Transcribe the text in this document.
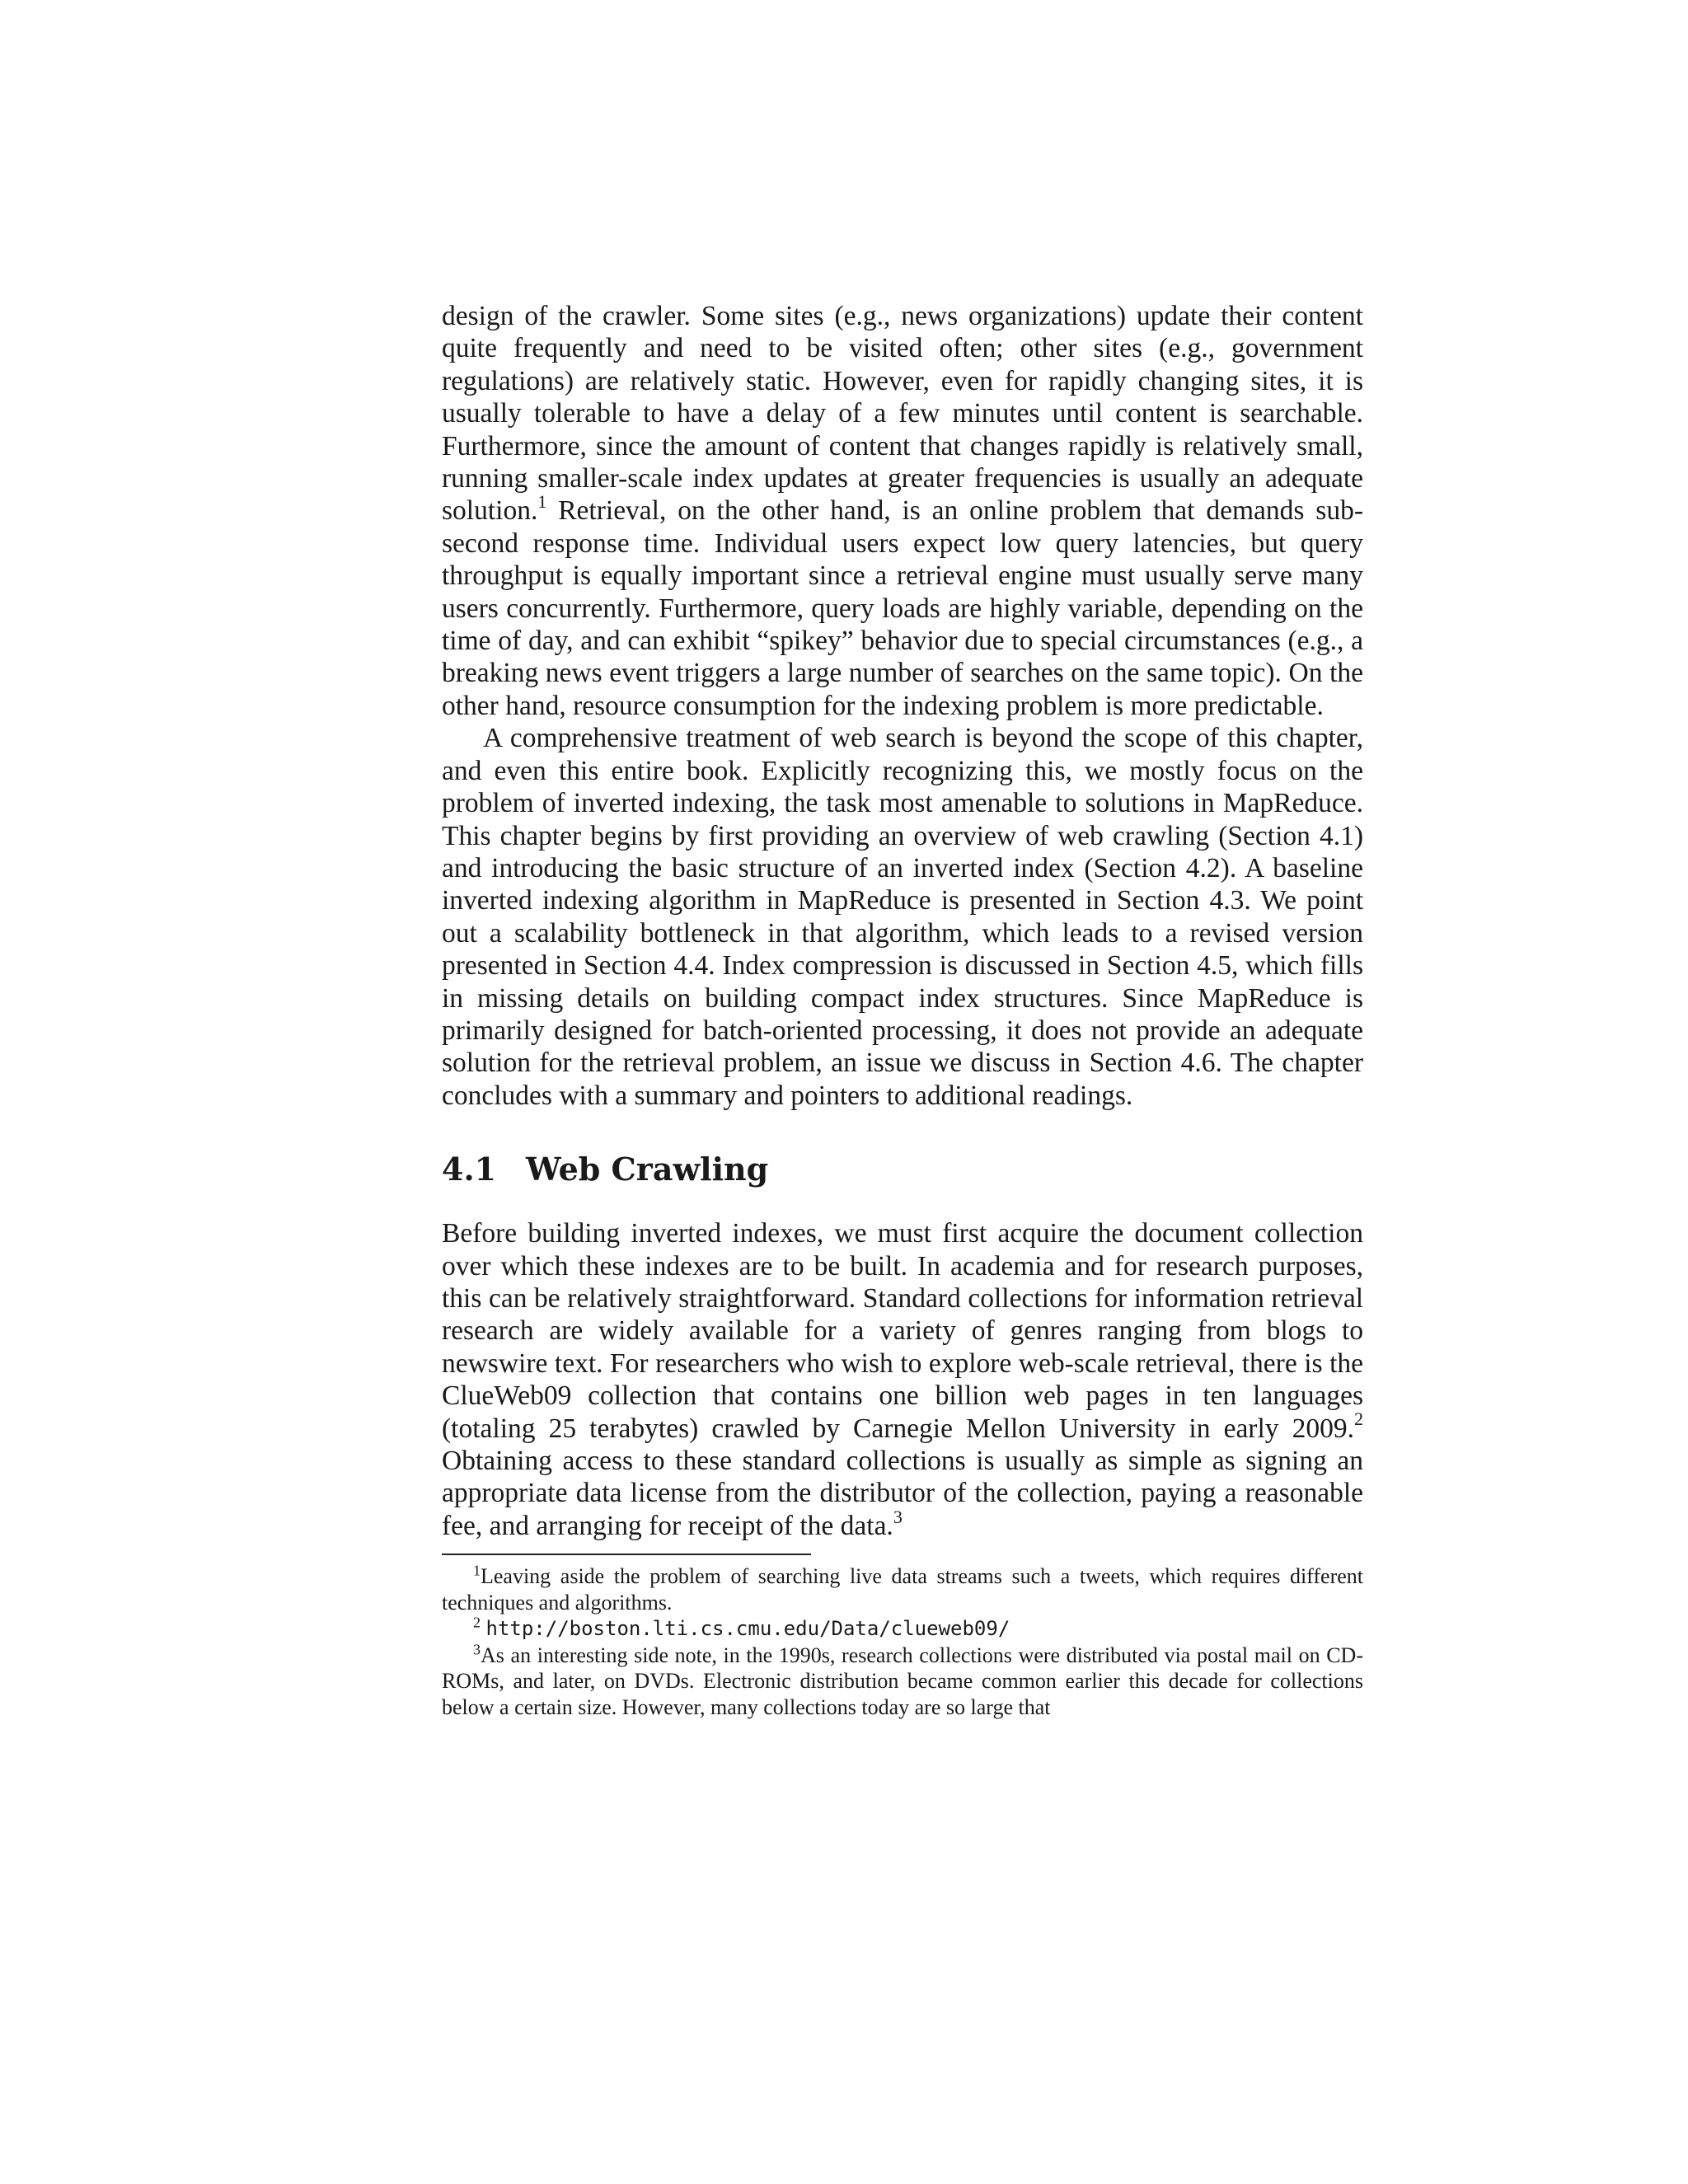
design of the crawler. Some sites (e.g., news organizations) update their content quite frequently and need to be visited often; other sites (e.g., government regulations) are relatively static. However, even for rapidly changing sites, it is usually tolerable to have a delay of a few minutes until content is searchable. Furthermore, since the amount of content that changes rapidly is relatively small, running smaller-scale index updates at greater frequencies is usually an adequate solution.$^1$ Retrieval, on the other hand, is an online problem that demands sub-second response time. Individual users expect low query latencies, but query throughput is equally important since a retrieval engine must usually serve many users concurrently. Furthermore, query loads are highly variable, depending on the time of day, and can exhibit “spikey” behavior due to special circumstances (e.g., a breaking news event triggers a large number of searches on the same topic). On the other hand, resource consumption for the indexing problem is more predictable.

A comprehensive treatment of web search is beyond the scope of this chapter, and even this entire book. Explicitly recognizing this, we mostly focus on the problem of inverted indexing, the task most amenable to solutions in MapReduce. This chapter begins by first providing an overview of web crawling (Section 4.1) and introducing the basic structure of an inverted index (Section 4.2). A baseline inverted indexing algorithm in MapReduce is presented in Section 4.3. We point out a scalability bottleneck in that algorithm, which leads to a revised version presented in Section 4.4. Index compression is discussed in Section 4.5, which fills in missing details on building compact index structures. Since MapReduce is primarily designed for batch-oriented processing, it does not provide an adequate solution for the retrieval problem, an issue we discuss in Section 4.6. The chapter concludes with a summary and pointers to additional readings.

4.1 Web Crawling

Before building inverted indexes, we must first acquire the document collection over which these indexes are to be built. In academia and for research purposes, this can be relatively straightforward. Standard collections for information retrieval research are widely available for a variety of genres ranging from blogs to newswire text. For researchers who wish to explore web-scale retrieval, there is the ClueWeb09 collection that contains one billion web pages in ten languages (totaling 25 terabytes) crawled by Carnegie Mellon University in early 2009.$^2$ Obtaining access to these standard collections is usually as simple as signing an appropriate data license from the distributor of the collection, paying a reasonable fee, and arranging for receipt of the data.$^3$

$^1$Leaving aside the problem of searching live data streams such a tweets, which requires different techniques and algorithms.

$^2$ http://boston.lti.cs.cmu.edu/Data/clueweb09/

$^3$As an interesting side note, in the 1990s, research collections were distributed via postal mail on CD-ROMs, and later, on DVDs. Electronic distribution became common earlier this decade for collections below a certain size. However, many collections today are so large that
